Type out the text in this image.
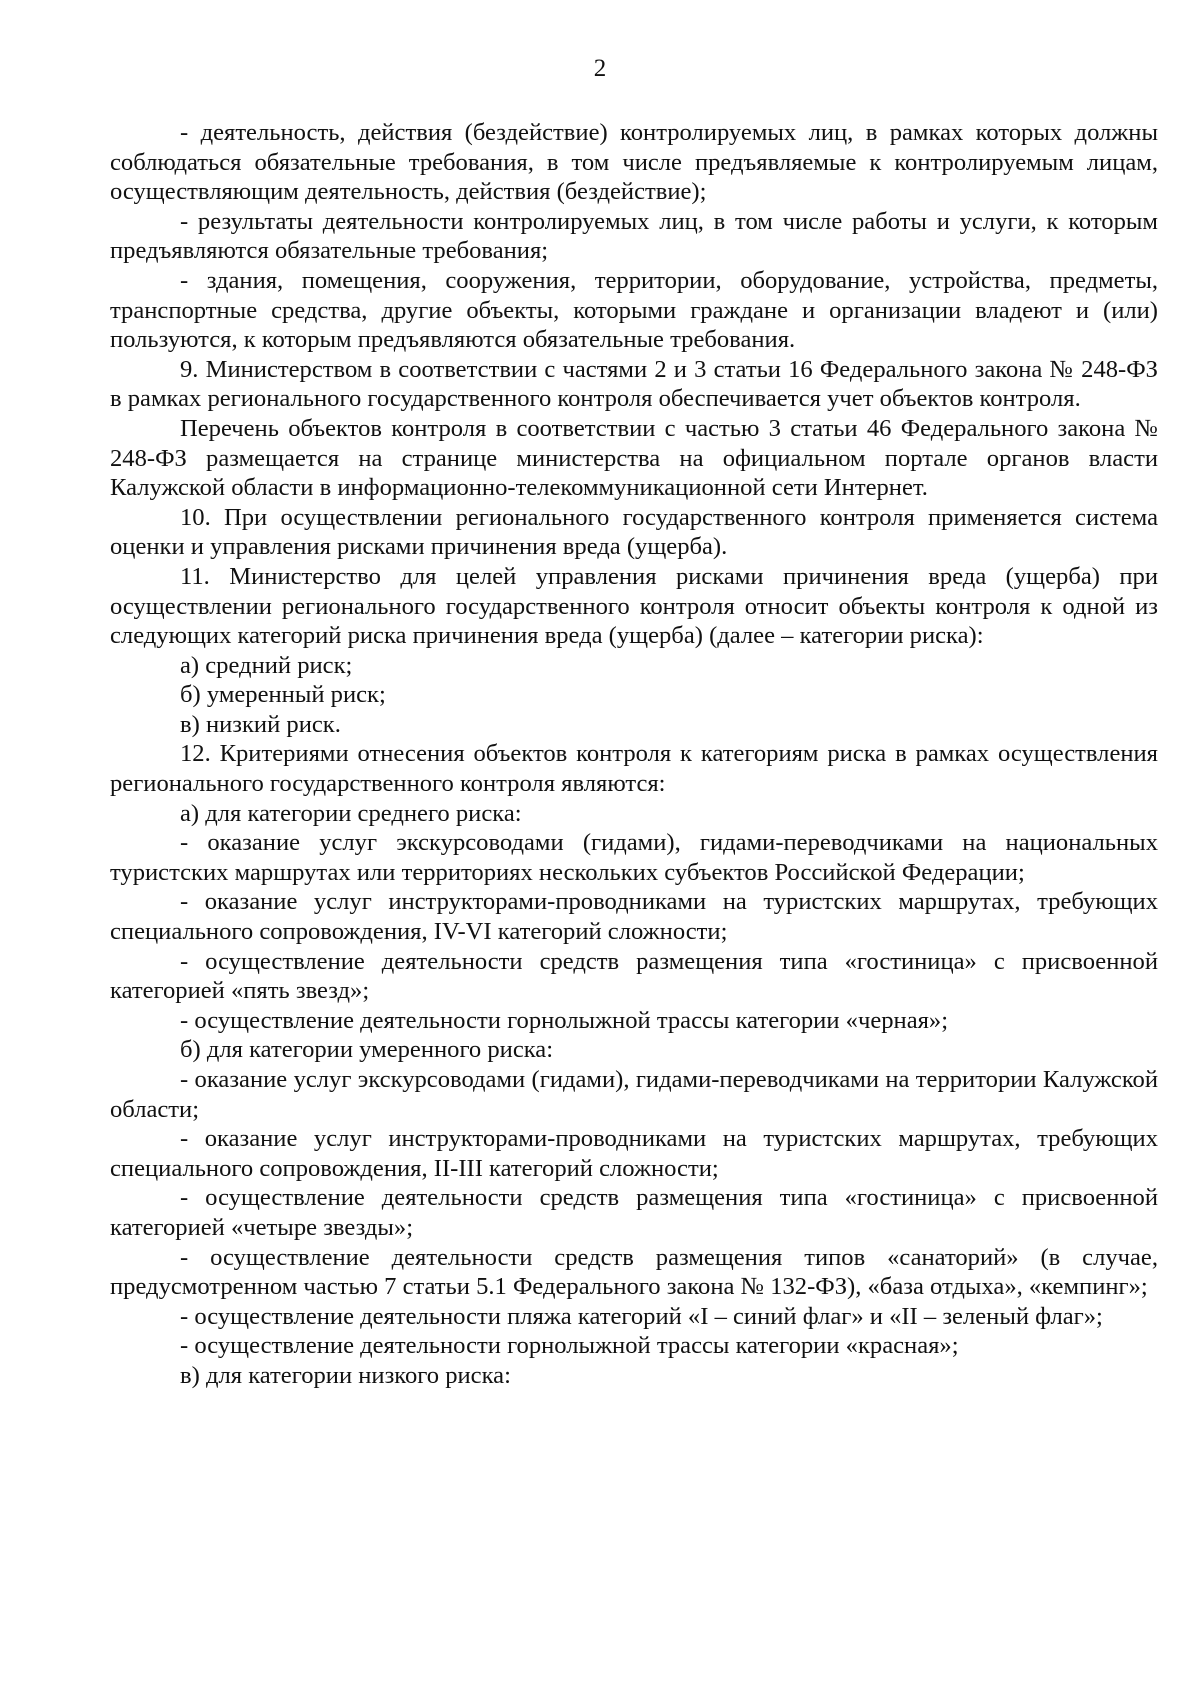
2

- деятельность, действия (бездействие) контролируемых лиц, в рамках которых должны соблюдаться обязательные требования, в том числе предъявляемые к контролируемым лицам, осуществляющим деятельность, действия (бездействие);

- результаты деятельности контролируемых лиц, в том числе работы и услуги, к которым предъявляются обязательные требования;

- здания, помещения, сооружения, территории, оборудование, устройства, предметы, транспортные средства, другие объекты, которыми граждане и организации владеют и (или) пользуются, к которым предъявляются обязательные требования.

9. Министерством в соответствии с частями 2 и 3 статьи 16 Федерального закона № 248-ФЗ в рамках регионального государственного контроля обеспечивается учет объектов контроля.

Перечень объектов контроля в соответствии с частью 3 статьи 46 Федерального закона № 248-ФЗ размещается на странице министерства на официальном портале органов власти Калужской области в информационно-телекоммуникационной сети Интернет.

10. При осуществлении регионального государственного контроля применяется система оценки и управления рисками причинения вреда (ущерба).

11. Министерство для целей управления рисками причинения вреда (ущерба) при осуществлении регионального государственного контроля относит объекты контроля к одной из следующих категорий риска причинения вреда (ущерба) (далее – категории риска):

а) средний риск;

б) умеренный риск;

в) низкий риск.

12. Критериями отнесения объектов контроля к категориям риска в рамках осуществления регионального государственного контроля являются:

а) для категории среднего риска:

- оказание услуг экскурсоводами (гидами), гидами-переводчиками на национальных туристских маршрутах или территориях нескольких субъектов Российской Федерации;

- оказание услуг инструкторами-проводниками на туристских маршрутах, требующих специального сопровождения, IV-VI категорий сложности;

- осуществление деятельности средств размещения типа «гостиница» с присвоенной категорией «пять звезд»;

- осуществление деятельности горнолыжной трассы категории «черная»;

б) для категории умеренного риска:

- оказание услуг экскурсоводами (гидами), гидами-переводчиками на территории Калужской области;

- оказание услуг инструкторами-проводниками на туристских маршрутах, требующих специального сопровождения, II-III категорий сложности;

- осуществление деятельности средств размещения типа «гостиница» с присвоенной категорией «четыре звезды»;

- осуществление деятельности средств размещения типов «санаторий» (в случае, предусмотренном частью 7 статьи 5.1 Федерального закона № 132-ФЗ), «база отдыха», «кемпинг»;

- осуществление деятельности пляжа категорий «I – синий флаг» и «II – зеленый флаг»;

- осуществление деятельности горнолыжной трассы категории «красная»;

в) для категории низкого риска:
